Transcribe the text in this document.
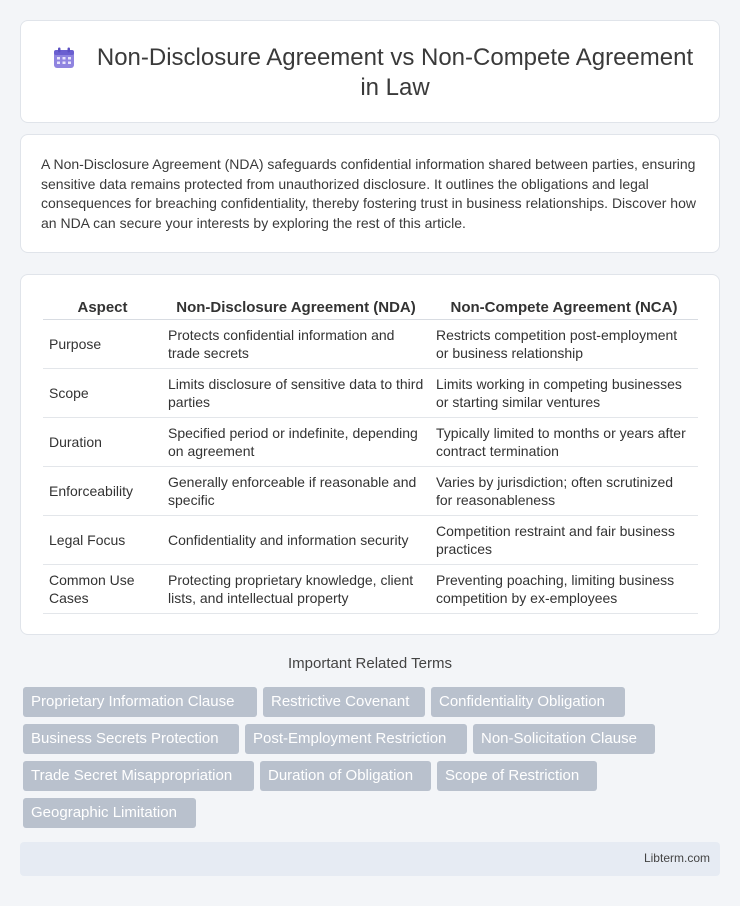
Non-Disclosure Agreement vs Non-Compete Agreement in Law

A Non-Disclosure Agreement (NDA) safeguards confidential information shared between parties, ensuring sensitive data remains protected from unauthorized disclosure. It outlines the obligations and legal consequences for breaching confidentiality, thereby fostering trust in business relationships. Discover how an NDA can secure your interests by exploring the rest of this article.

Aspect	Non-Disclosure Agreement (NDA)	Non-Compete Agreement (NCA)
Purpose	Protects confidential information and trade secrets	Restricts competition post-employment or business relationship
Scope	Limits disclosure of sensitive data to third parties	Limits working in competing businesses or starting similar ventures
Duration	Specified period or indefinite, depending on agreement	Typically limited to months or years after contract termination
Enforceability	Generally enforceable if reasonable and specific	Varies by jurisdiction; often scrutinized for reasonableness
Legal Focus	Confidentiality and information security	Competition restraint and fair business practices
Common Use Cases	Protecting proprietary knowledge, client lists, and intellectual property	Preventing poaching, limiting business competition by ex-employees
Important Related Terms
Proprietary Information Clause	Restrictive Covenant	Confidentiality Obligation
Business Secrets Protection	Post-Employment Restriction	Non-Solicitation Clause
Trade Secret Misappropriation	Duration of Obligation	Scope of Restriction
Geographic Limitation
Libterm.com
